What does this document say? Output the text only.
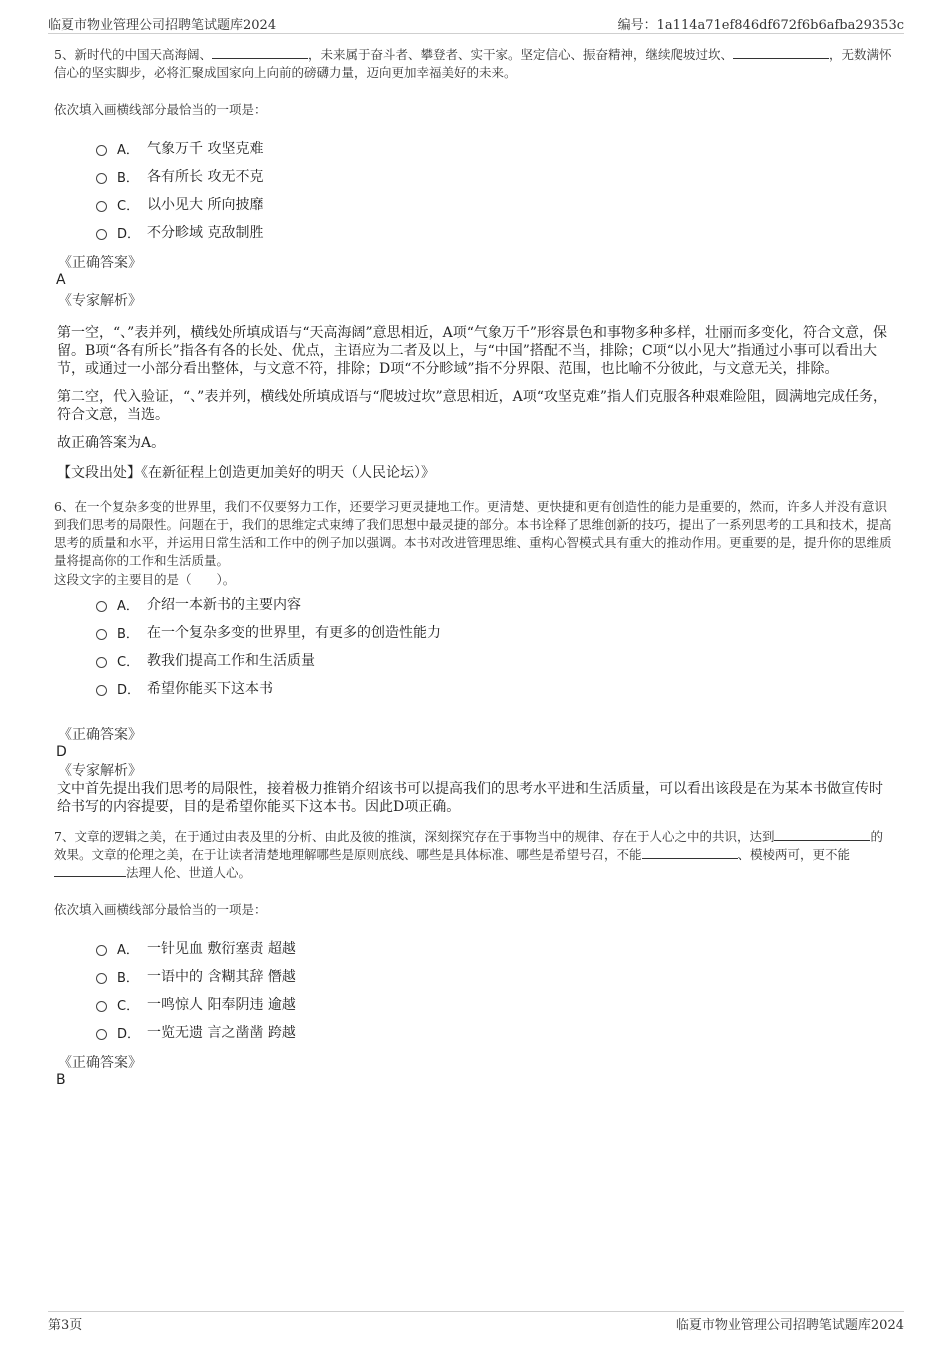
临夏市物业管理公司招聘笔试题库2024	编号：1a114a71ef846df672f6b6afba29353c

5、新时代的中国天高海阔、	，未来属于奋斗者、攀登者、实干家。坚定信心、振奋精神，继续爬坡过坎、	，无数满怀信心的坚实脚步，必将汇聚成国家向上向前的磅礴力量，迈向更加幸福美好的未来。

依次填入画横线部分最恰当的一项是：

A． 气象万千 攻坚克难
B． 各有所长 攻无不克
C． 以小见大 所向披靡
D． 不分畛域 克敌制胜

《正确答案》

A

《专家解析》

第一空，“、”表并列，横线处所填成语与“天高海阔”意思相近，A项“气象万千”形容景色和事物多种多样，壮丽而多变化，符合文意，保留。B项“各有所长”指各有各的长处、优点，主语应为二者及以上，与“中国”搭配不当，排除；C项“以小见大”指通过小事可以看出大节，或通过一小部分看出整体，与文意不符，排除；D项“不分畛域”指不分界限、范围，也比喻不分彼此，与文意无关，排除。

第二空，代入验证，“、”表并列，横线处所填成语与“爬坡过坎”意思相近，A项“攻坚克难”指人们克服各种艰难险阻，圆满地完成任务，符合文意，当选。

故正确答案为A。

【文段出处】《在新征程上创造更加美好的明天（人民论坛）》

6、在一个复杂多变的世界里，我们不仅要努力工作，还要学习更灵捷地工作。更清楚、更快捷和更有创造性的能力是重要的，然而，许多人并没有意识到我们思考的局限性。问题在于，我们的思维定式束缚了我们思想中最灵捷的部分。本书诠释了思维创新的技巧，提出了一系列思考的工具和技术，提高思考的质量和水平，并运用日常生活和工作中的例子加以强调。本书对改进管理思维、重构心智模式具有重大的推动作用。更重要的是，提升你的思维质量将提高你的工作和生活质量。

这段文字的主要目的是（　　）。

A． 介绍一本新书的主要内容
B． 在一个复杂多变的世界里，有更多的创造性能力
C． 教我们提高工作和生活质量
D． 希望你能买下这本书

《正确答案》

D

《专家解析》

文中首先提出我们思考的局限性，接着极力推销介绍该书可以提高我们的思考水平进和生活质量，可以看出该段是在为某本书做宣传时给书写的内容提要，目的是希望你能买下这本书。因此D项正确。

7、文章的逻辑之美，在于通过由表及里的分析、由此及彼的推演，深刻探究存在于事物当中的规律、存在于人心之中的共识，达到	的效果。文章的伦理之美，在于让读者清楚地理解哪些是原则底线、哪些是具体标准、哪些是希望号召，不能	、模棱两可，更不能法理人伦、世道人心。

依次填入画横线部分最恰当的一项是：

A． 一针见血 敷衍塞责 超越
B． 一语中的 含糊其辞 僭越
C． 一鸣惊人 阳奉阴违 逾越
D． 一览无遗 言之凿凿 跨越

《正确答案》

B

第3页	临夏市物业管理公司招聘笔试题库2024
